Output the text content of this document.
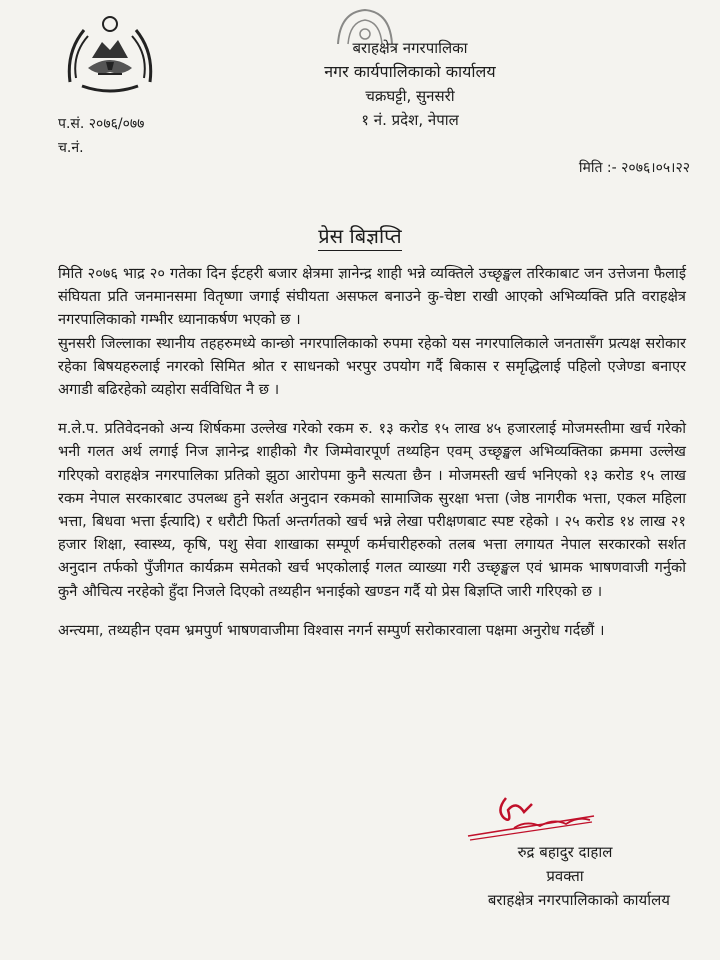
बराहक्षेत्र नगरपालिका
नगर कार्यपालिकाको कार्यालय
चक्रघट्टी, सुनसरी
१ नं. प्रदेश, नेपाल
प.सं. २०७६/०७७
च.नं.
मिति :- २०७६।०५।२२
प्रेस बिज्ञप्ति

मिति २०७६ भाद्र २० गतेका दिन ईटहरी बजार क्षेत्रमा ज्ञानेन्द्र शाही भन्ने व्यक्तिले उच्छृङ्खल तरिकाबाट जन उत्तेजना फैलाई संघियता प्रति जनमानसमा वितृष्णा जगाई संघीयता असफल बनाउने कु-चेष्टा राखी आएको अभिव्यक्ति प्रति वराहक्षेत्र नगरपालिकाको गम्भीर ध्यानाकर्षण भएको छ ।

सुनसरी जिल्लाका स्थानीय तहहरुमध्ये कान्छो नगरपालिकाको रुपमा रहेको यस नगरपालिकाले जनतासँग प्रत्यक्ष सरोकार रहेका बिषयहरुलाई नगरको सिमित श्रोत र साधनको भरपुर उपयोग गर्दै बिकास र समृद्धिलाई पहिलो एजेण्डा बनाएर अगाडी बढिरहेको व्यहोरा सर्वविधित नै छ ।

म.ले.प. प्रतिवेदनको अन्य शिर्षकमा उल्लेख गरेको रकम रु. १३ करोड १५ लाख ४५ हजारलाई मोजमस्तीमा खर्च गरेको भनी गलत अर्थ लगाई निज ज्ञानेन्द्र शाहीको गैर जिम्मेवारपूर्ण तथ्यहिन एवम् उच्छृङ्खल अभिव्यक्तिका क्रममा उल्लेख गरिएको वराहक्षेत्र नगरपालिका प्रतिको झुठा आरोपमा कुनै सत्यता छैन । मोजमस्ती खर्च भनिएको १३ करोड १५ लाख रकम नेपाल सरकारबाट उपलब्ध हुने सर्शत अनुदान रकमको सामाजिक सुरक्षा भत्ता (जेष्ठ नागरीक भत्ता, एकल महिला भत्ता, बिधवा भत्ता ईत्यादि) र धरौटी फिर्ता अन्तर्गतको खर्च भन्ने लेखा परीक्षणबाट स्पष्ट रहेको । २५ करोड १४ लाख २१ हजार शिक्षा, स्वास्थ्य, कृषि, पशु सेवा शाखाका सम्पूर्ण कर्मचारीहरुको तलब भत्ता लगायत नेपाल सरकारको सर्शत अनुदान तर्फको पुँजीगत कार्यक्रम समेतको खर्च भएकोलाई गलत व्याख्या गरी उच्छृङ्खल एवं भ्रामक भाषणवाजी गर्नुको कुनै औचित्य नरहेको हुँदा निजले दिएको तथ्यहीन भनाईको खण्डन गर्दै यो प्रेस बिज्ञप्ति जारी गरिएको छ ।

अन्त्यमा, तथ्यहीन एवम भ्रमपुर्ण भाषणवाजीमा विश्वास नगर्न सम्पुर्ण सरोकारवाला पक्षमा अनुरोध गर्दछौं ।

रुद्र बहादुर दाहाल
प्रवक्ता
बराहक्षेत्र नगरपालिकाको कार्यालय
